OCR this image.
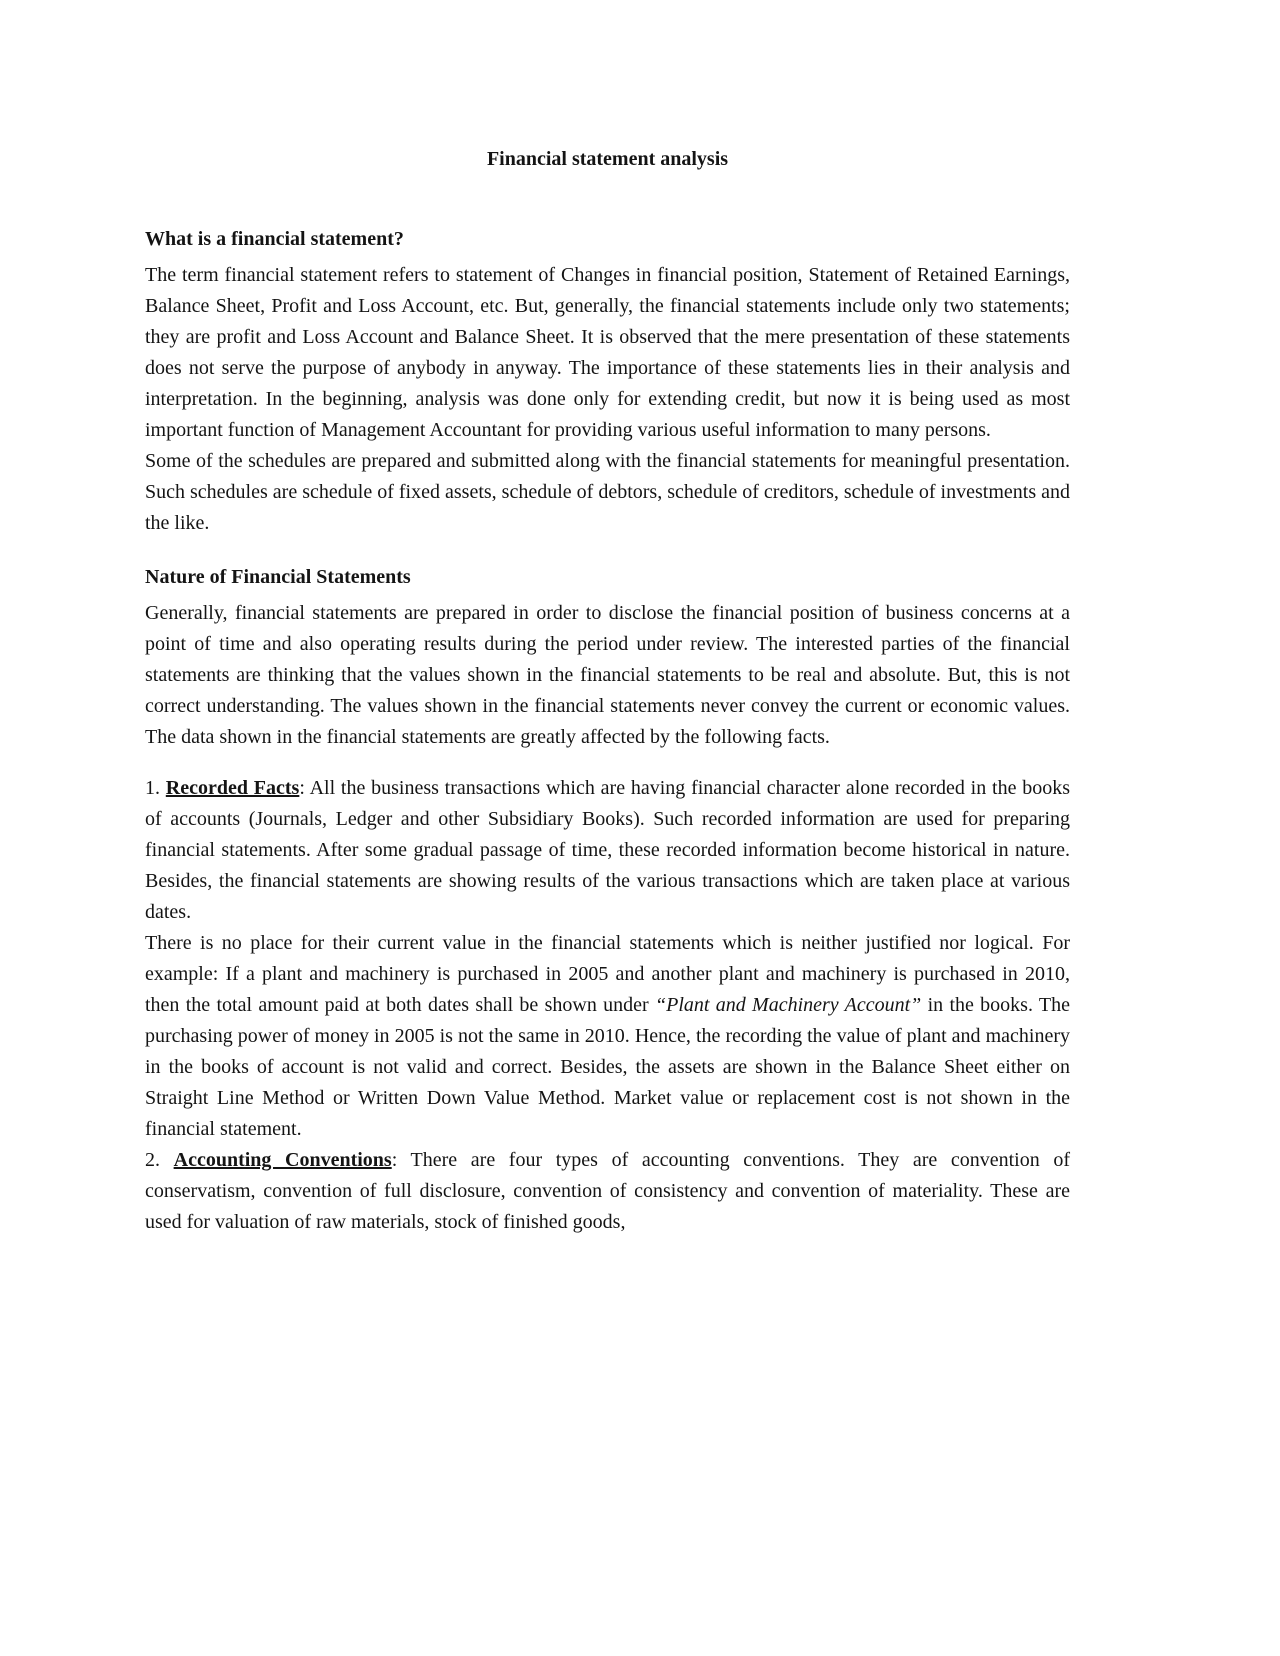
Financial statement analysis
What is a financial statement?

The term financial statement refers to statement of Changes in financial position, Statement of Retained Earnings, Balance Sheet, Profit and Loss Account, etc. But, generally, the financial statements include only two statements; they are profit and Loss Account and Balance Sheet. It is observed that the mere presentation of these statements does not serve the purpose of anybody in anyway. The importance of these statements lies in their analysis and interpretation. In the beginning, analysis was done only for extending credit, but now it is being used as most important function of Management Accountant for providing various useful information to many persons.

Some of the schedules are prepared and submitted along with the financial statements for meaningful presentation. Such schedules are schedule of fixed assets, schedule of debtors, schedule of creditors, schedule of investments and the like.

Nature of Financial Statements

Generally, financial statements are prepared in order to disclose the financial position of business concerns at a point of time and also operating results during the period under review. The interested parties of the financial statements are thinking that the values shown in the financial statements to be real and absolute. But, this is not correct understanding. The values shown in the financial statements never convey the current or economic values. The data shown in the financial statements are greatly affected by the following facts.

1. Recorded Facts: All the business transactions which are having financial character alone recorded in the books of accounts (Journals, Ledger and other Subsidiary Books). Such recorded information are used for preparing financial statements. After some gradual passage of time, these recorded information become historical in nature. Besides, the financial statements are showing results of the various transactions which are taken place at various dates.

There is no place for their current value in the financial statements which is neither justified nor logical. For example: If a plant and machinery is purchased in 2005 and another plant and machinery is purchased in 2010, then the total amount paid at both dates shall be shown under “Plant and Machinery Account” in the books. The purchasing power of money in 2005 is not the same in 2010. Hence, the recording the value of plant and machinery in the books of account is not valid and correct. Besides, the assets are shown in the Balance Sheet either on Straight Line Method or Written Down Value Method. Market value or replacement cost is not shown in the financial statement.

2. Accounting Conventions: There are four types of accounting conventions. They are convention of conservatism, convention of full disclosure, convention of consistency and convention of materiality. These are used for valuation of raw materials, stock of finished goods,
